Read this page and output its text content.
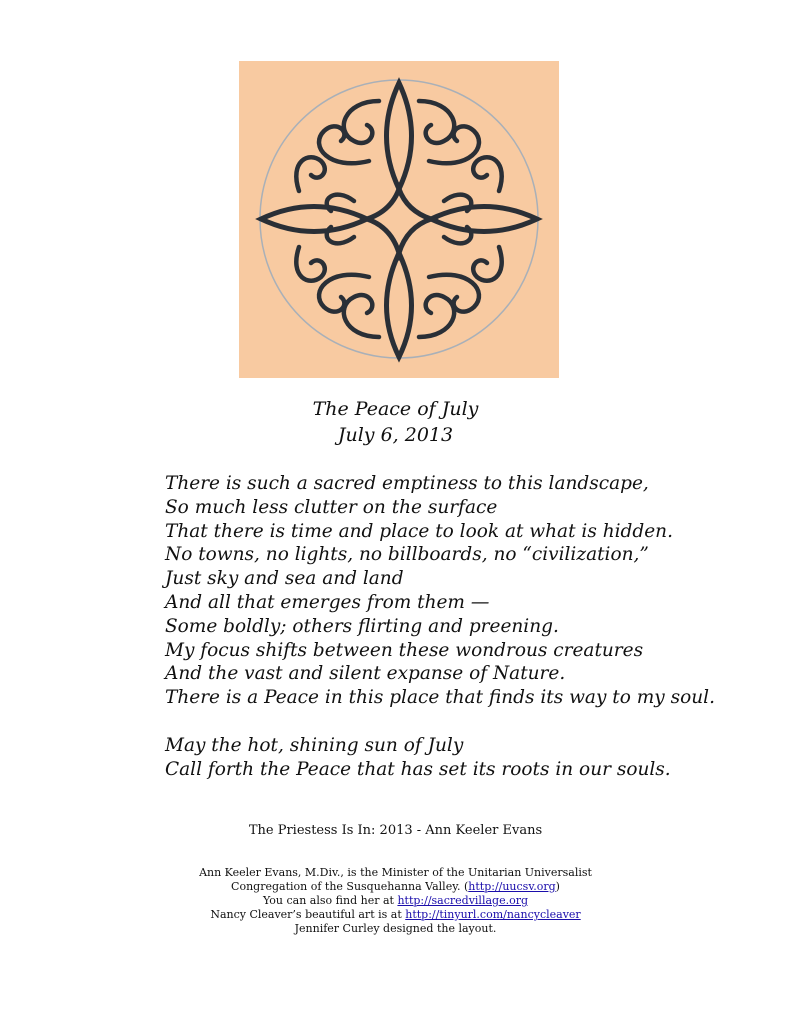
The Peace of July
July 6, 2013
There is such a sacred emptiness to this landscape,
So much less clutter on the surface
That there is time and place to look at what is hidden.
No towns, no lights, no billboards, no “civilization,”
Just sky and sea and land
And all that emerges from them —
Some boldly; others flirting and preening.
My focus shifts between these wondrous creatures
And the vast and silent expanse of Nature.
There is a Peace in this place that finds its way to my soul.
May the hot, shining sun of July
Call forth the Peace that has set its roots in our souls.
The Priestess Is In: 2013 - Ann Keeler Evans
Ann Keeler Evans, M.Div., is the Minister of the Unitarian Universalist
Congregation of the Susquehanna Valley. (http://uucsv.org)
You can also find her at http://sacredvillage.org
Nancy Cleaver’s beautiful art is at http://tinyurl.com/nancycleaver
Jennifer Curley designed the layout.
